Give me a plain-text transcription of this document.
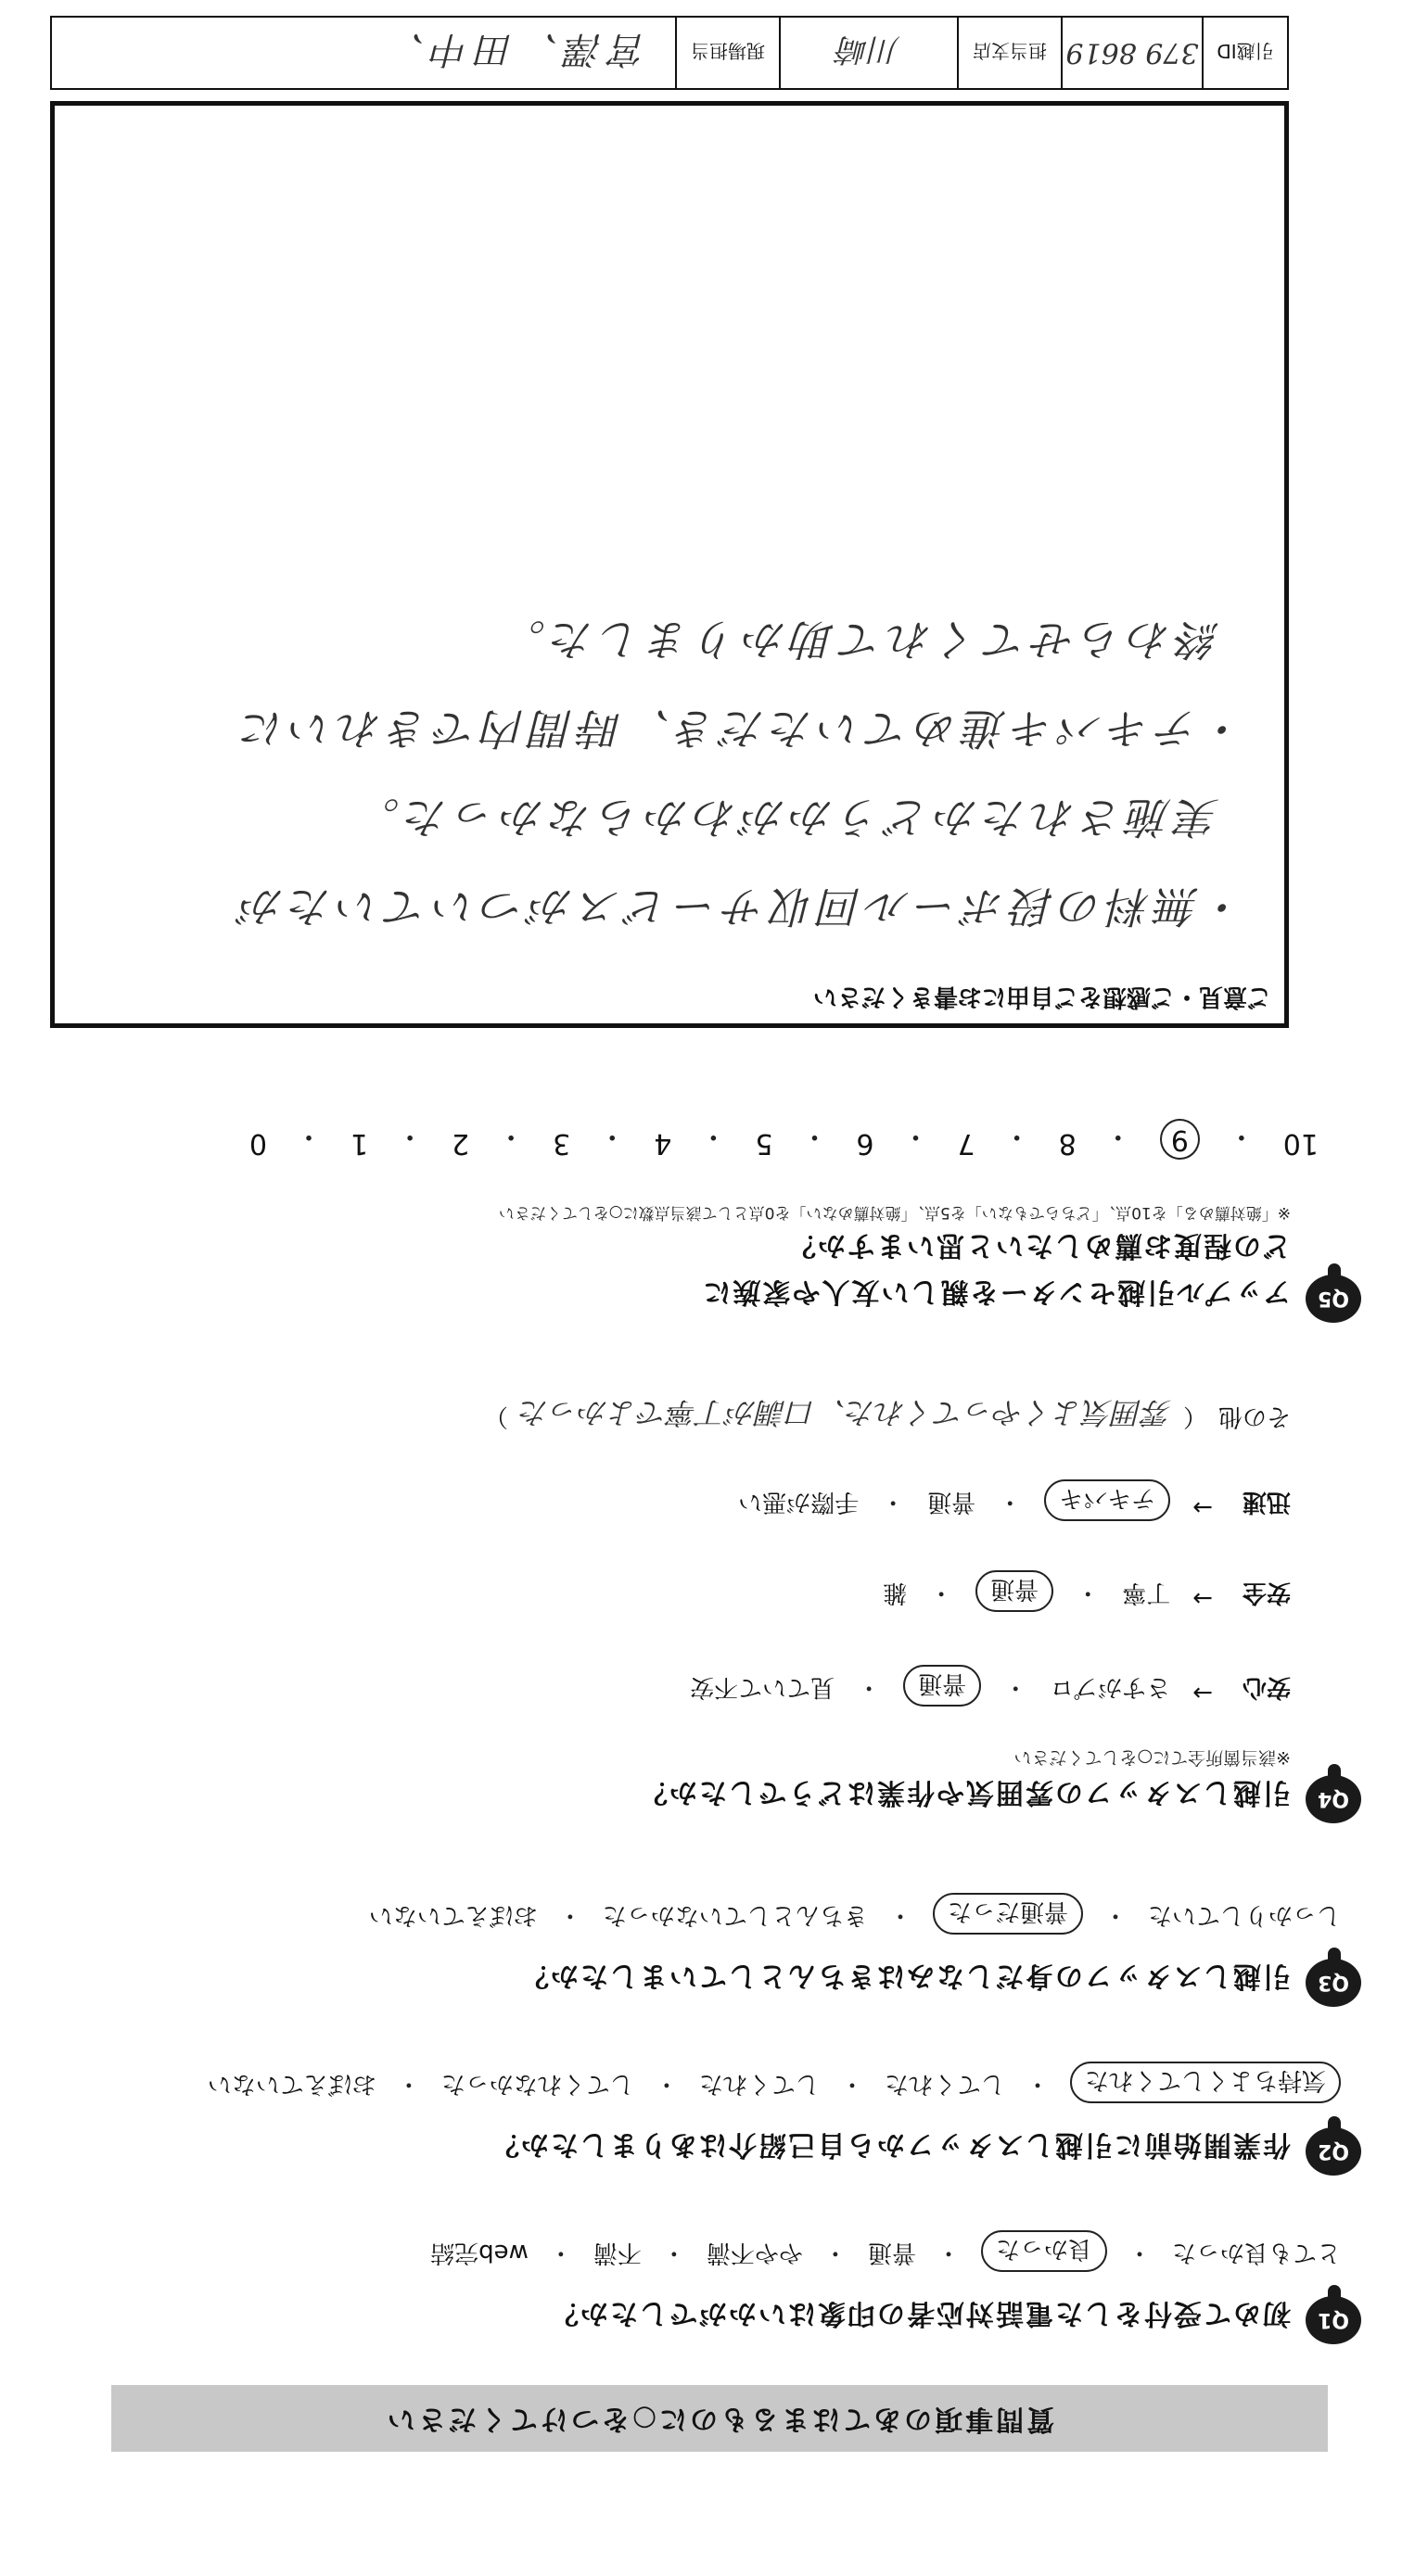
質問事項のあてはまるものに○をつけてください
Q1
初めて受付をした電話対応者の印象はいかがでしたか？
とても良かった
・
良かった
・
普通
・
やや不満
・
不満
・
web完結
Q2
作業開始前に引越しスタッフから自己紹介はありましたか？
気持ちよくしてくれた
・
してくれた
・
してくれた
・
してくれなかった
・
おぼえていない
Q3
引越しスタッフの身だしなみはきちんとしていましたか？
しっかりしていた
・
普通だった
・
きちんとしていなかった
・
おぼえていない
Q4
引越しスタッフの雰囲気や作業はどうでしたか？
※該当箇所全てに○をしてください
安心
→
さすがプロ
・
普通
・
見ていて不安
安全
→
丁寧
・
普通
・
雑
迅速
→
テキパキ
・
普通
・
手際が悪い
その他
（
雰囲気よくやってくれた、口調が丁寧でよかった
）
Q5
アップル引越センターを親しい友人や家族に
どの程度お薦めしたいと思いますか？
※「絶対薦める」を10点、「どちらでもない」を5点、「絶対薦めない」を0点として該当点数に○をしてください
10
・
9
・
8
・
7
・
6
・
5
・
4
・
3
・
2
・
1
・
0
ご意見・ご感想をご自由にお書きください
・無料の段ボール回収サービスがついていたが
実施されたかどうかがわからなかった。
・テキパキ進めていただき、時間内できれいに
終わらせてくれて助かりました。
引越ID
379 8619
担当支店
川崎
現場担当
宮澤、田中、
